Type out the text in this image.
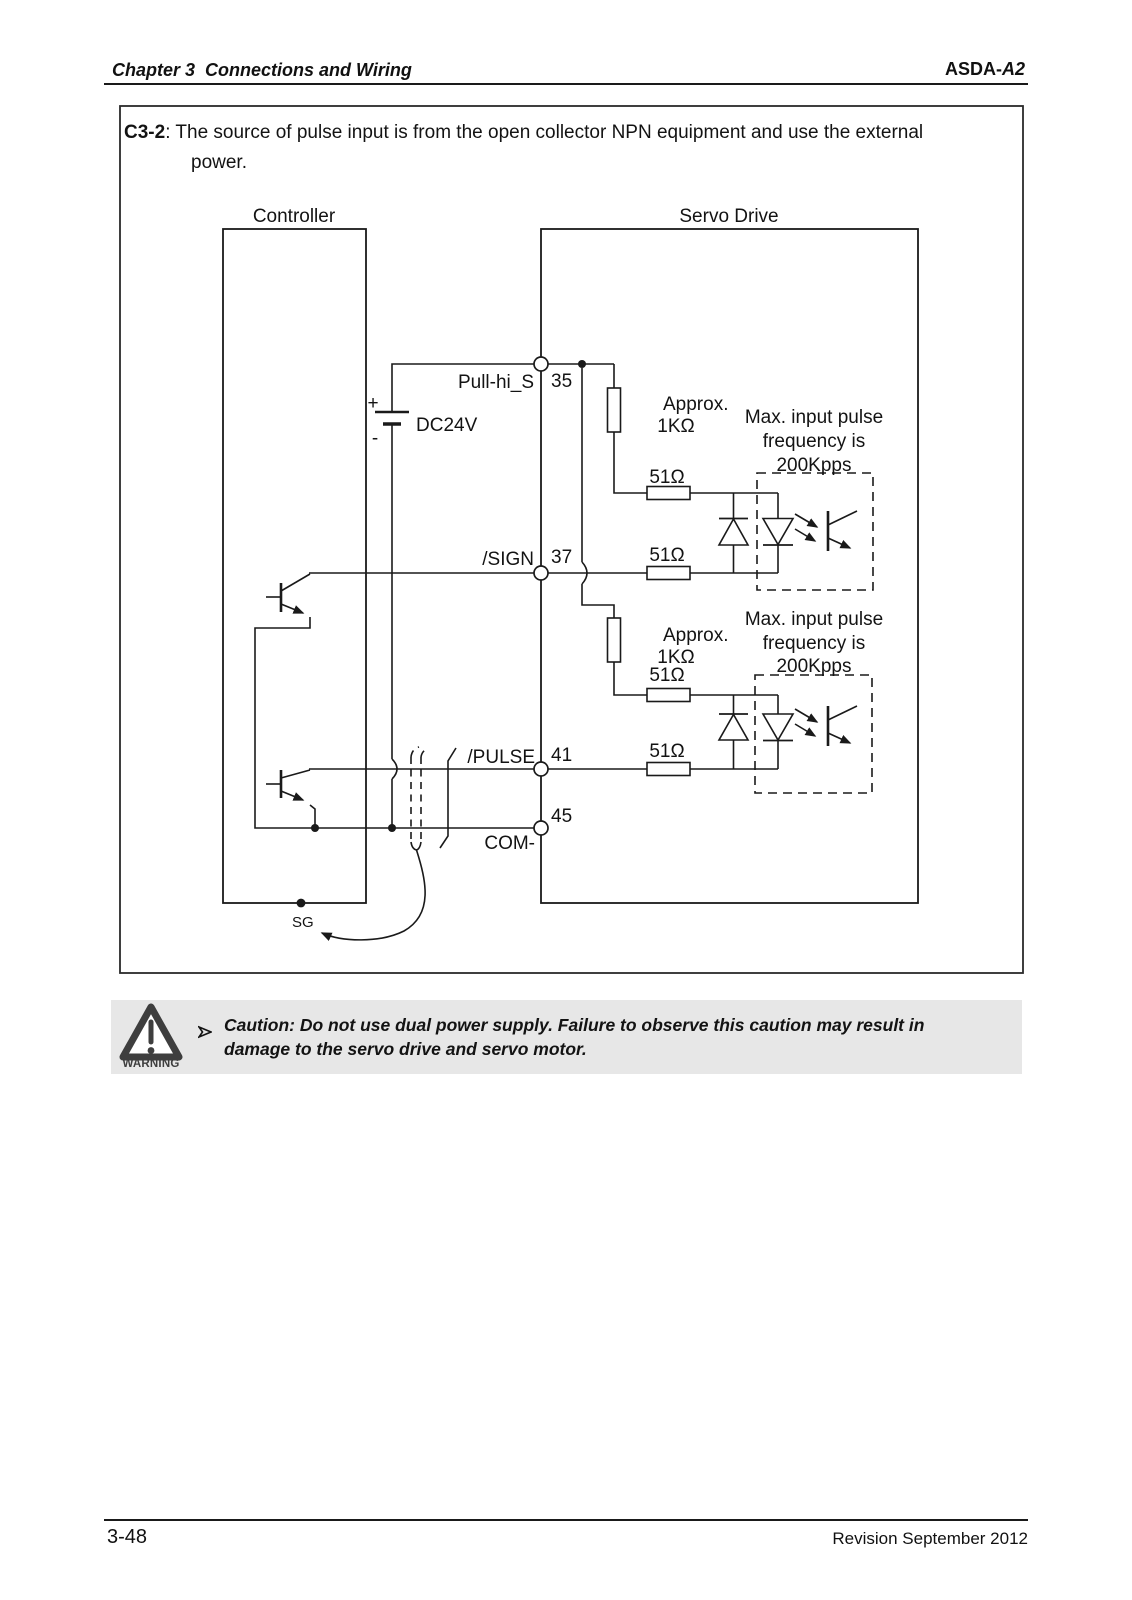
Chapter 3  Connections and Wiring	ASDA-A2
C3-2: The source of pulse input is from the open collector NPN equipment and use the external
power.
Controller	Servo Drive
+
-
DC24V
Approx.
1KΩ
Approx.
1KΩ
51Ω
51Ω
51Ω
51Ω
Max. input pulse
frequency is
200Kpps
Max. input pulse
frequency is
200Kpps
Pull-hi_S 35
/SIGN 37
/PULSE 41
45
COM-
SG
WARNING
Caution: Do not use dual power supply. Failure to observe this caution may result in
damage to the servo drive and servo motor.
3-48	Revision September 2012
